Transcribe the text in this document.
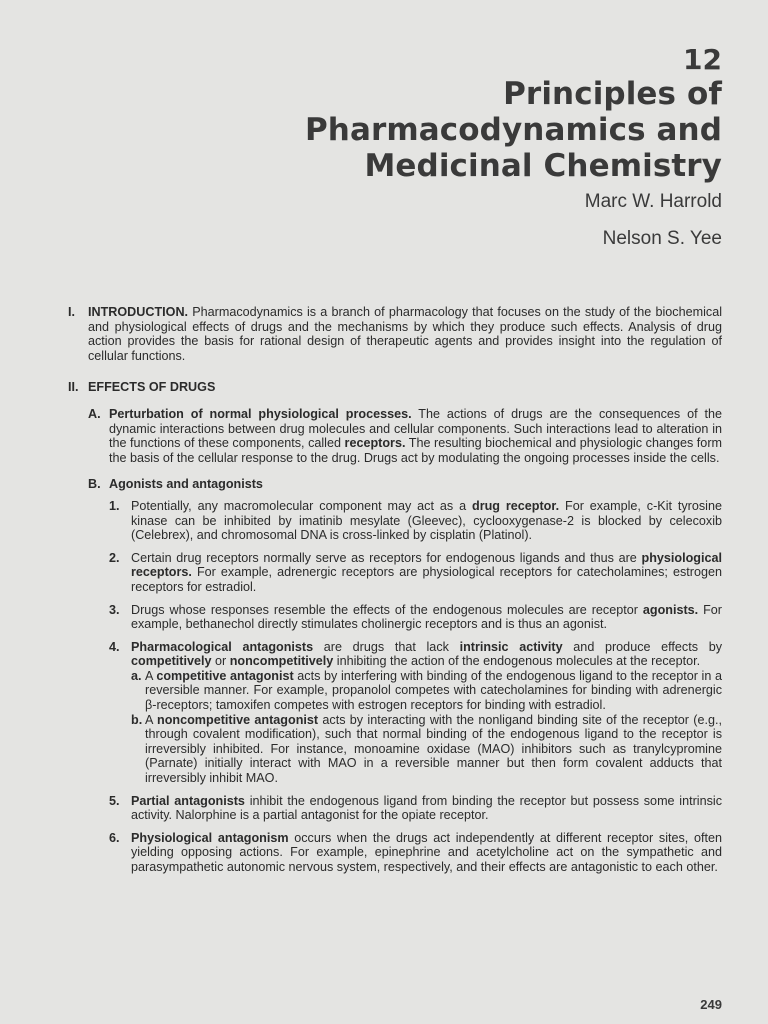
12
Principles of
Pharmacodynamics and
Medicinal Chemistry
Marc W. Harrold
Nelson S. Yee
I. INTRODUCTION. Pharmacodynamics is a branch of pharmacology that focuses on the study of the biochemical and physiological effects of drugs and the mechanisms by which they produce such effects. Analysis of drug action provides the basis for rational design of therapeutic agents and provides insight into the regulation of cellular functions.
II. EFFECTS OF DRUGS
A. Perturbation of normal physiological processes. The actions of drugs are the consequences of the dynamic interactions between drug molecules and cellular components. Such interactions lead to alteration in the functions of these components, called receptors. The resulting biochemical and physiologic changes form the basis of the cellular response to the drug. Drugs act by modulating the ongoing processes inside the cells.
B. Agonists and antagonists
1. Potentially, any macromolecular component may act as a drug receptor. For example, c-Kit tyrosine kinase can be inhibited by imatinib mesylate (Gleevec), cyclooxygenase-2 is blocked by celecoxib (Celebrex), and chromosomal DNA is cross-linked by cisplatin (Platinol).
2. Certain drug receptors normally serve as receptors for endogenous ligands and thus are physiological receptors. For example, adrenergic receptors are physiological receptors for catecholamines; estrogen receptors for estradiol.
3. Drugs whose responses resemble the effects of the endogenous molecules are receptor agonists. For example, bethanechol directly stimulates cholinergic receptors and is thus an agonist.
4. Pharmacological antagonists are drugs that lack intrinsic activity and produce effects by competitively or noncompetitively inhibiting the action of the endogenous molecules at the receptor.
a. A competitive antagonist acts by interfering with binding of the endogenous ligand to the receptor in a reversible manner. For example, propanolol competes with catecholamines for binding with adrenergic β-receptors; tamoxifen competes with estrogen receptors for binding with estradiol.
b. A noncompetitive antagonist acts by interacting with the nonligand binding site of the receptor (e.g., through covalent modification), such that normal binding of the endogenous ligand to the receptor is irreversibly inhibited. For instance, monoamine oxidase (MAO) inhibitors such as tranylcypromine (Parnate) initially interact with MAO in a reversible manner but then form covalent adducts that irreversibly inhibit MAO.
5. Partial antagonists inhibit the endogenous ligand from binding the receptor but possess some intrinsic activity. Nalorphine is a partial antagonist for the opiate receptor.
6. Physiological antagonism occurs when the drugs act independently at different receptor sites, often yielding opposing actions. For example, epinephrine and acetylcholine act on the sympathetic and parasympathetic autonomic nervous system, respectively, and their effects are antagonistic to each other.
249
